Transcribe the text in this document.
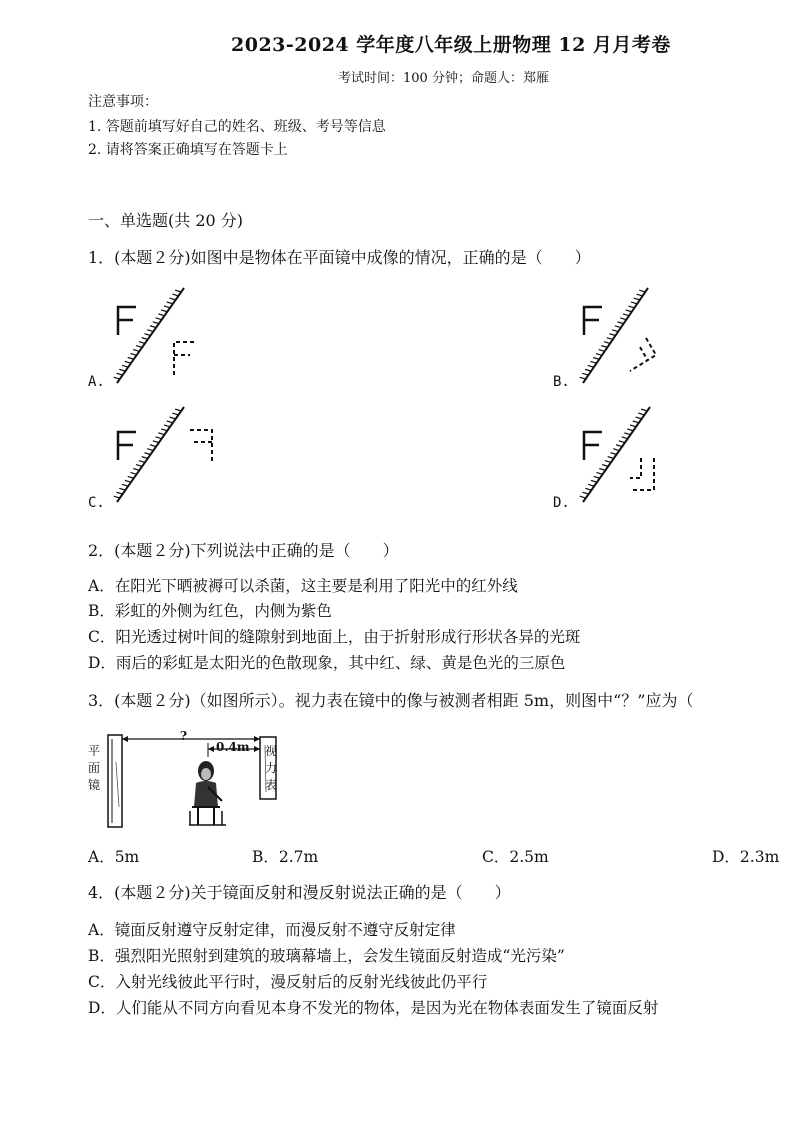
2023-2024 学年度八年级上册物理 12 月月考卷
考试时间：100 分钟；命题人：郑雁
注意事项：
1. 答题前填写好自己的姓名、班级、考号等信息
2. 请将答案正确填写在答题卡上
一、单选题(共 20 分)
1．(本题２分)如图中是物体在平面镜中成像的情况，正确的是（　　）
A.	B.
C.	D.
2．(本题２分)下列说法中正确的是（　　）
A．在阳光下晒被褥可以杀菌，这主要是利用了阳光中的红外线
B．彩虹的外侧为红色，内侧为紫色
C．阳光透过树叶间的缝隙射到地面上，由于折射形成行形状各异的光斑
D．雨后的彩虹是太阳光的色散现象，其中红、绿、黄是色光的三原色
3．(本题２分)（如图所示）。视力表在镜中的像与被测者相距 5m，则图中“？”应为（
平面镜
视力表
?
0.4m
A．5m	B．2.7m	C．2.5m	D．2.3m
4．(本题２分)关于镜面反射和漫反射说法正确的是（　　）
A．镜面反射遵守反射定律，而漫反射不遵守反射定律
B．强烈阳光照射到建筑的玻璃幕墙上，会发生镜面反射造成“光污染”
C．入射光线彼此平行时，漫反射后的反射光线彼此仍平行
D．人们能从不同方向看见本身不发光的物体，是因为光在物体表面发生了镜面反射
